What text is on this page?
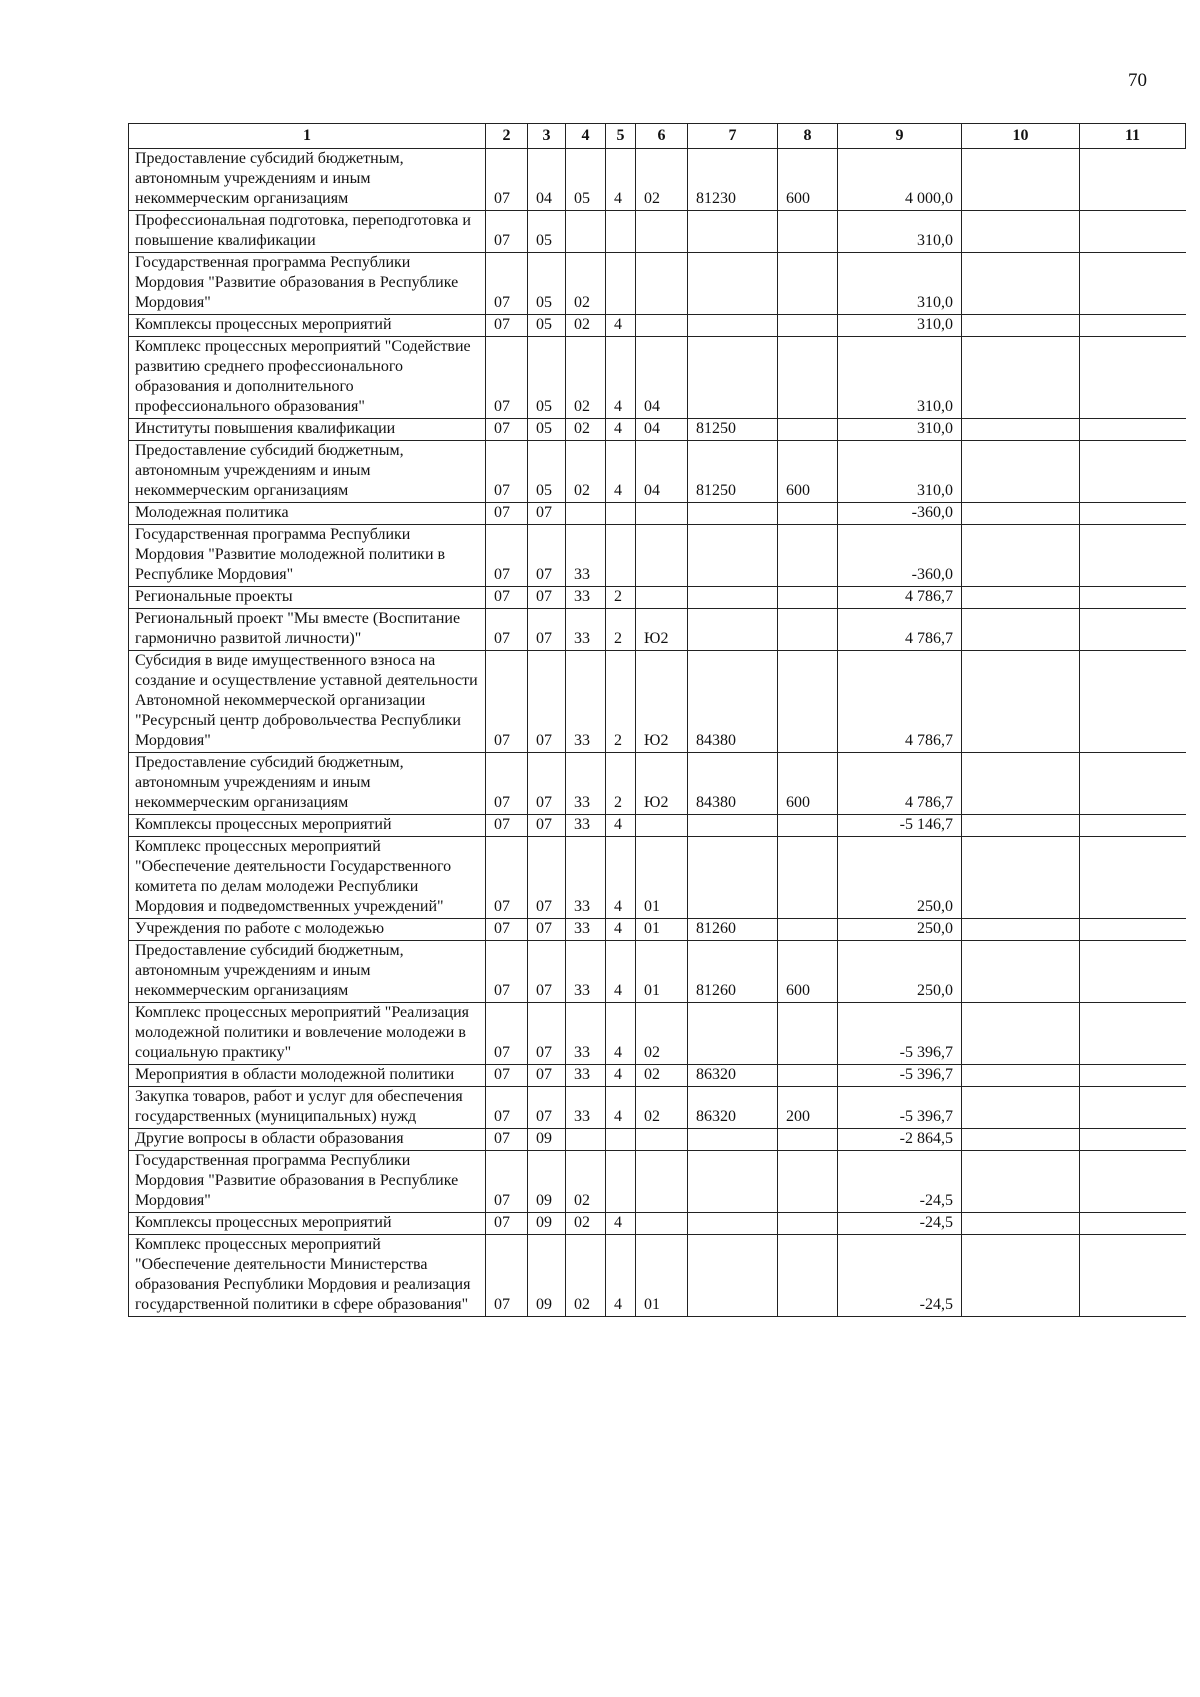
70
1	2	3	4	5	6	7	8	9	10	11
Предоставление субсидий бюджетным, автономным учреждениям и иным некоммерческим организациям	07	04	05	4	02	81230	600	4 000,0		
Профессиональная подготовка, переподготовка и повышение квалификации	07	05						310,0		
Государственная программа Республики Мордовия "Развитие образования в Республике Мордовия"	07	05	02					310,0		
Комплексы процессных мероприятий	07	05	02	4				310,0		
Комплекс процессных мероприятий "Содействие развитию среднего профессионального образования и дополнительного профессионального образования"	07	05	02	4	04			310,0		
Институты повышения квалификации	07	05	02	4	04	81250		310,0		
Предоставление субсидий бюджетным, автономным учреждениям и иным некоммерческим организациям	07	05	02	4	04	81250	600	310,0		
Молодежная политика	07	07						-360,0		
Государственная программа Республики Мордовия "Развитие молодежной политики в Республике Мордовия"	07	07	33					-360,0		
Региональные проекты	07	07	33	2				4 786,7		
Региональный проект "Мы вместе (Воспитание гармонично развитой личности)"	07	07	33	2	Ю2			4 786,7		
Субсидия в виде имущественного взноса на создание и осуществление уставной деятельности Автономной некоммерческой организации "Ресурсный центр добровольчества Республики Мордовия"	07	07	33	2	Ю2	84380		4 786,7		
Предоставление субсидий бюджетным, автономным учреждениям и иным некоммерческим организациям	07	07	33	2	Ю2	84380	600	4 786,7		
Комплексы процессных мероприятий	07	07	33	4				-5 146,7		
Комплекс процессных мероприятий "Обеспечение деятельности Государственного комитета по делам молодежи Республики Мордовия и подведомственных учреждений"	07	07	33	4	01			250,0		
Учреждения по работе с молодежью	07	07	33	4	01	81260		250,0		
Предоставление субсидий бюджетным, автономным учреждениям и иным некоммерческим организациям	07	07	33	4	01	81260	600	250,0		
Комплекс процессных мероприятий "Реализация молодежной политики и вовлечение молодежи в социальную практику"	07	07	33	4	02			-5 396,7		
Мероприятия в области молодежной политики	07	07	33	4	02	86320		-5 396,7		
Закупка товаров, работ и услуг для обеспечения государственных (муниципальных) нужд	07	07	33	4	02	86320	200	-5 396,7		
Другие вопросы в области образования	07	09						-2 864,5		
Государственная программа Республики Мордовия "Развитие образования в Республике Мордовия"	07	09	02					-24,5		
Комплексы процессных мероприятий	07	09	02	4				-24,5		
Комплекс процессных мероприятий "Обеспечение деятельности Министерства образования Республики Мордовия и реализация государственной политики в сфере образования"	07	09	02	4	01			-24,5		
